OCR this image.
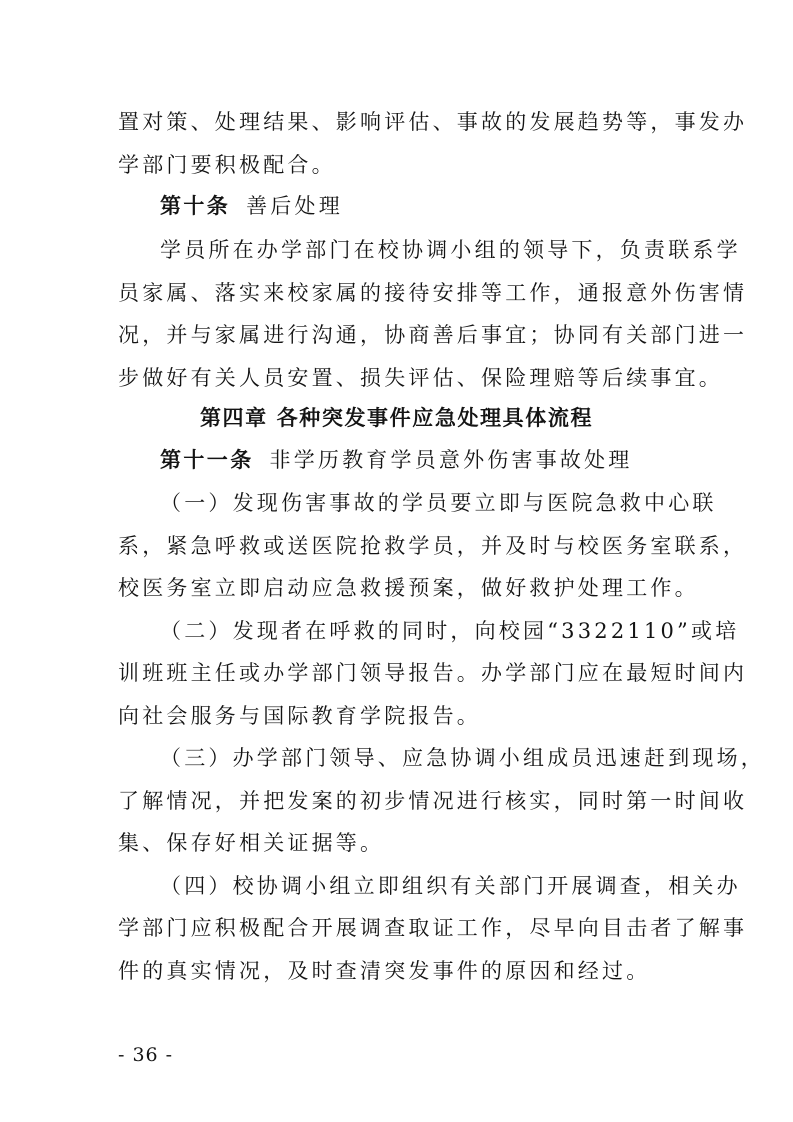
置对策、处理结果、影响评估、事故的发展趋势等，事发办
学部门要积极配合。
第十条 善后处理
学员所在办学部门在校协调小组的领导下，负责联系学
员家属、落实来校家属的接待安排等工作，通报意外伤害情
况，并与家属进行沟通，协商善后事宜；协同有关部门进一
步做好有关人员安置、损失评估、保险理赔等后续事宜。
第四章 各种突发事件应急处理具体流程
第十一条 非学历教育学员意外伤害事故处理
（一）发现伤害事故的学员要立即与医院急救中心联
系，紧急呼救或送医院抢救学员，并及时与校医务室联系，
校医务室立即启动应急救援预案，做好救护处理工作。
（二）发现者在呼救的同时，向校园“3322110”或培
训班班主任或办学部门领导报告。办学部门应在最短时间内
向社会服务与国际教育学院报告。
（三）办学部门领导、应急协调小组成员迅速赶到现场，
了解情况，并把发案的初步情况进行核实，同时第一时间收
集、保存好相关证据等。
（四）校协调小组立即组织有关部门开展调查，相关办
学部门应积极配合开展调查取证工作，尽早向目击者了解事
件的真实情况，及时查清突发事件的原因和经过。
- 36 -
